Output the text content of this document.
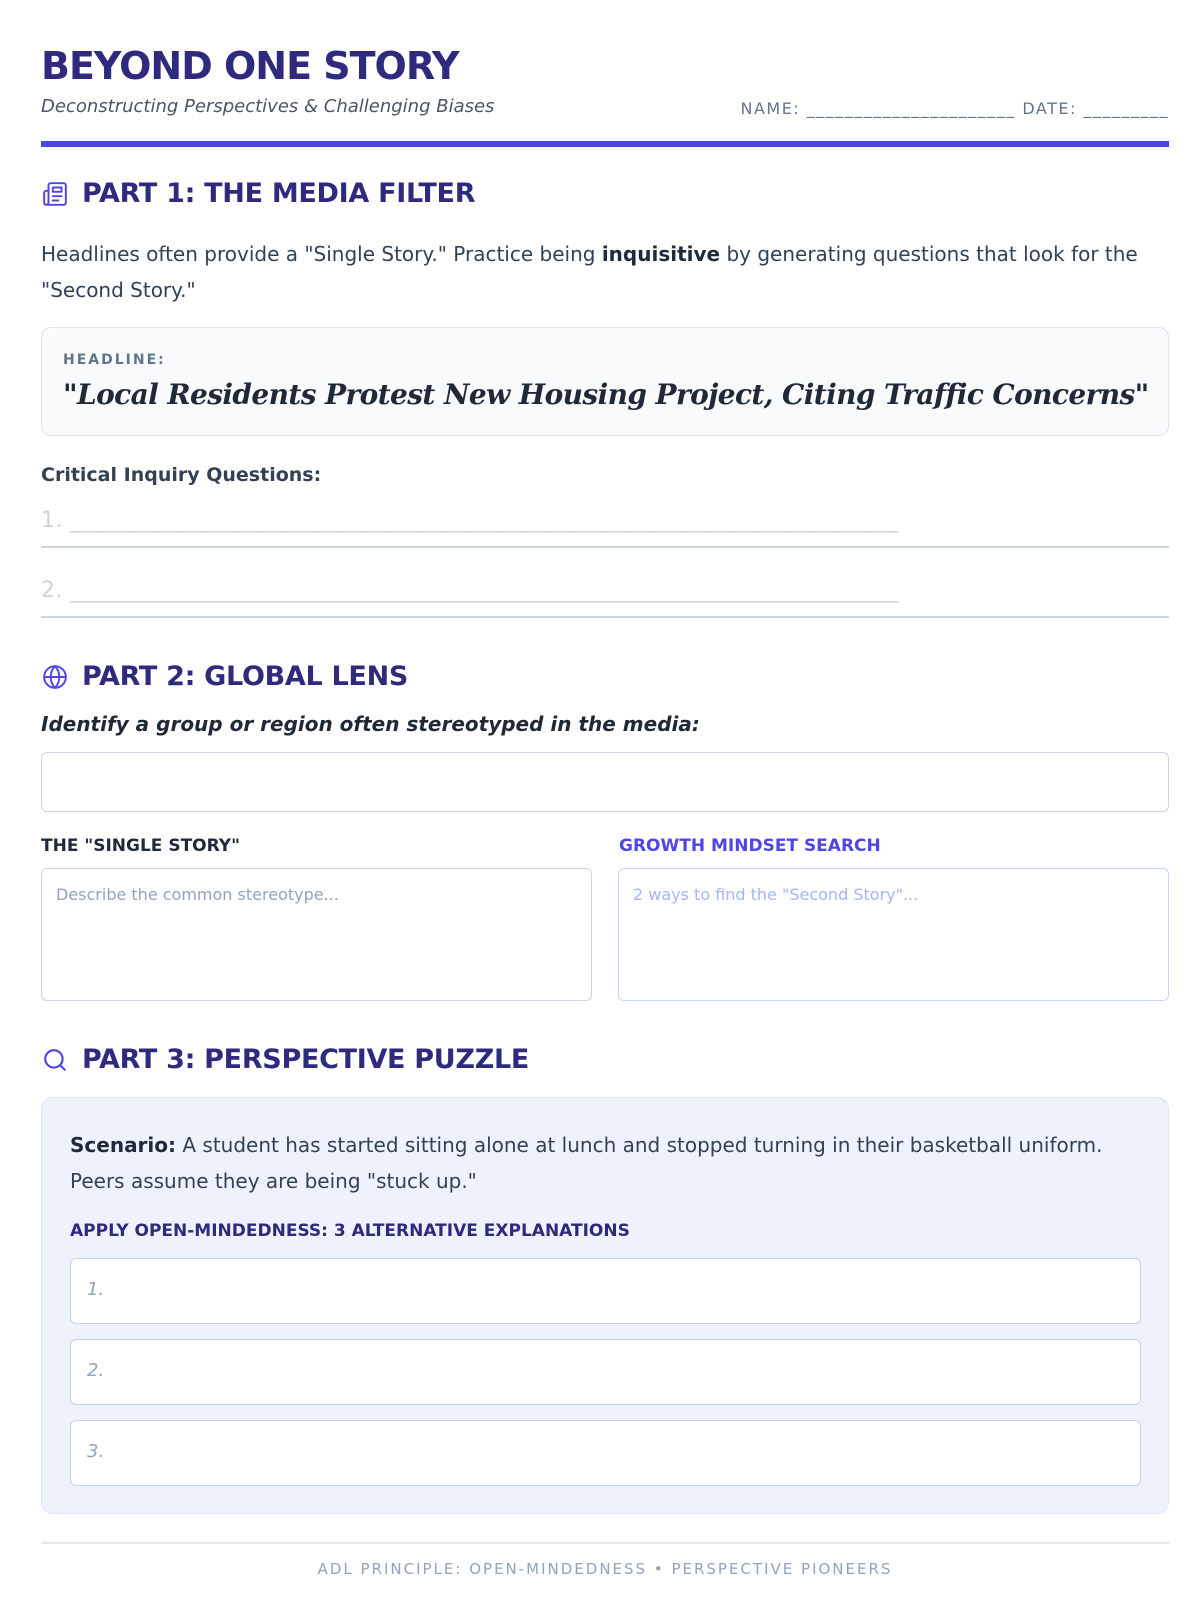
BEYOND ONE STORY
Deconstructing Perspectives & Challenging Biases	NAME: ______________________ DATE: _________
PART 1: THE MEDIA FILTER

Headlines often provide a "Single Story." Practice being inquisitive by generating questions that look for the "Second Story."

HEADLINE:
"Local Residents Protest New Housing Project, Citing Traffic Concerns"
Critical Inquiry Questions:
1. ________________________________________________________________________
2. ________________________________________________________________________
PART 2: GLOBAL LENS
Identify a group or region often stereotyped in the media:
THE "SINGLE STORY"
Describe the common stereotype...
GROWTH MINDSET SEARCH
2 ways to find the "Second Story"...
PART 3: PERSPECTIVE PUZZLE

Scenario: A student has started sitting alone at lunch and stopped turning in their basketball uniform. Peers assume they are being "stuck up."

APPLY OPEN-MINDEDNESS: 3 ALTERNATIVE EXPLANATIONS
1.
2.
3.
ADL PRINCIPLE: OPEN-MINDEDNESS • PERSPECTIVE PIONEERS
